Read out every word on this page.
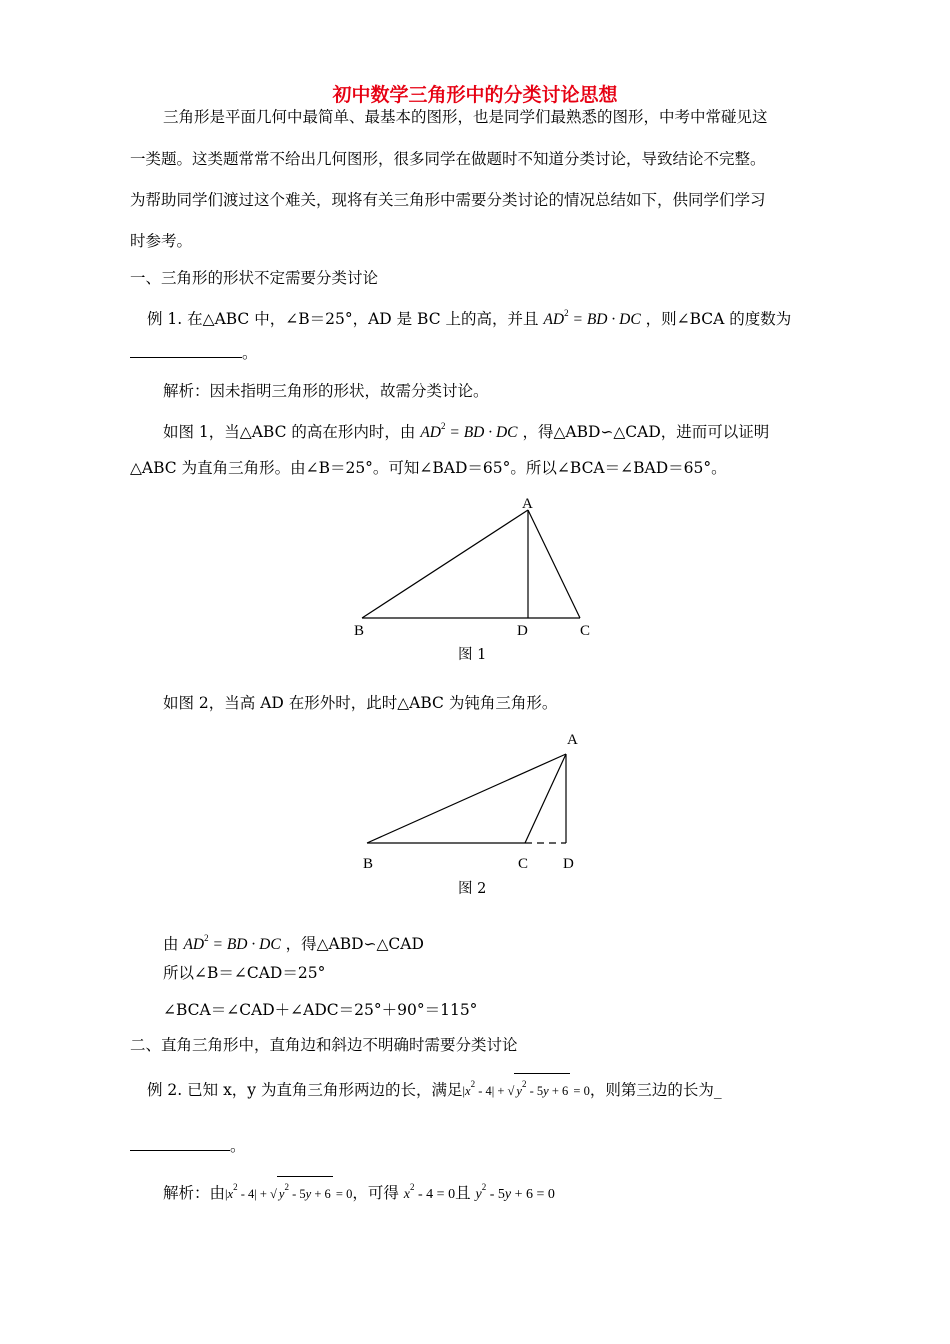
初中数学三角形中的分类讨论思想
三角形是平面几何中最简单、最基本的图形，也是同学们最熟悉的图形，中考中常碰见这
一类题。这类题常常不给出几何图形，很多同学在做题时不知道分类讨论，导致结论不完整。
为帮助同学们渡过这个难关，现将有关三角形中需要分类讨论的情况总结如下，供同学们学习
时参考。
一、三角形的形状不定需要分类讨论
例 1. 在△ABC 中，∠B＝25°，AD 是 BC 上的高，并且 $AD^2$ = BD · DC ，则∠BCA 的度数为
。
解析：因未指明三角形的形状，故需分类讨论。
如图 1，当△ABC 的高在形内时，由 $AD^2$ = BD · DC ，得△ABD∽△CAD，进而可以证明
△ABC 为直角三角形。由∠B＝25°。可知∠BAD＝65°。所以∠BCA＝∠BAD＝65°。
A
B	D	C
图 1
如图 2，当高 AD 在形外时，此时△ABC 为钝角三角形。
A
B	C D
图 2
由 $AD^2$ = BD · DC ，得△ABD∽△CAD
所以∠B＝∠CAD＝25°
∠BCA＝∠CAD＋∠ADC＝25°＋90°＝115°
二、直角三角形中，直角边和斜边不明确时需要分类讨论
例 2. 已知 x，y 为直角三角形两边的长，满足$|x^2 - 4|$ + √ $y^2 - 5y + 6 = 0$，则第三边的长为_
。
解析：由$|x^2 - 4|$ + √ $y^2 - 5y + 6 = 0$，可得 $x^2 - 4 = 0$且 $y^2 - 5y + 6 = 0$
